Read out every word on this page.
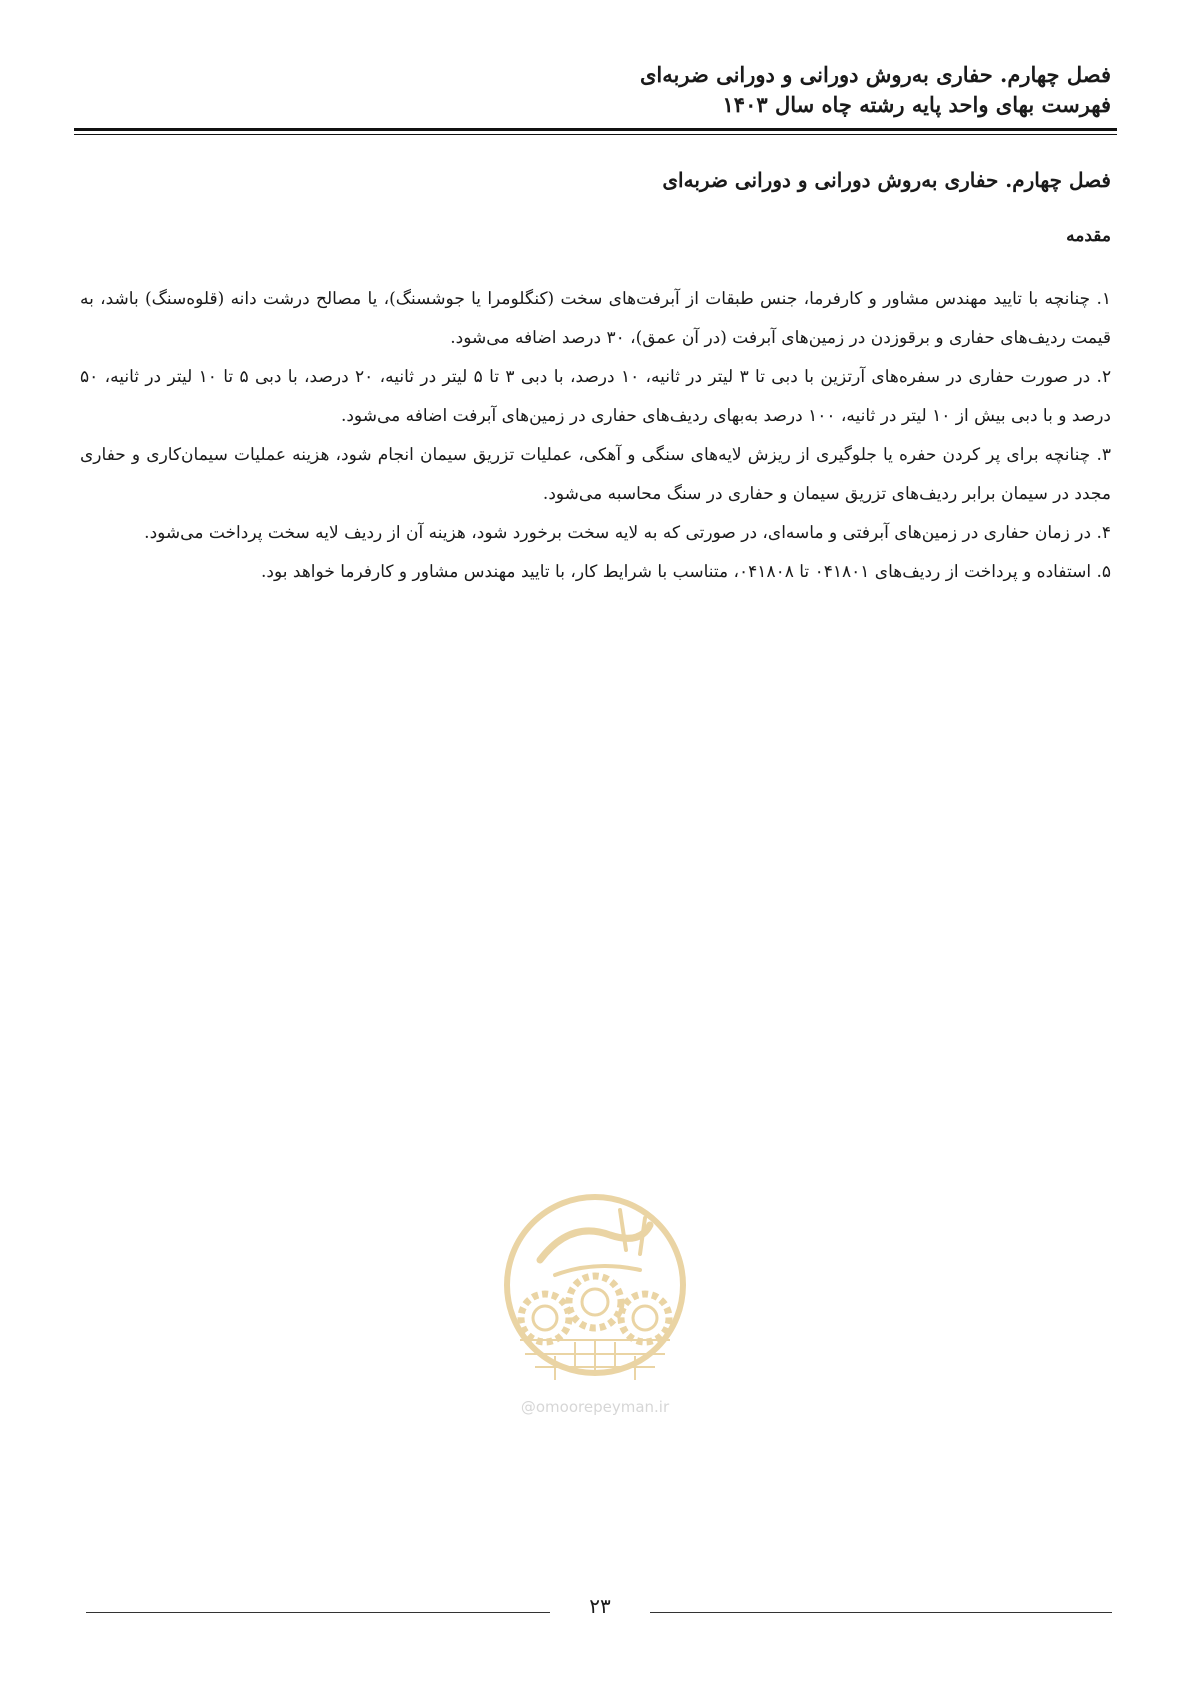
فصل چهارم. حفاری به‌روش دورانی و دورانی ضربه‌ای
فهرست بهای واحد پایه رشته چاه سال ۱۴۰۳
فصل چهارم. حفاری به‌روش دورانی و دورانی ضربه‌ای
مقدمه

۱. چنانچه با تایید مهندس مشاور و کارفرما، جنس طبقات از آبرفت‌های سخت (کنگلومرا یا جوشسنگ)، یا مصالح درشت دانه (قلوه‌سنگ) باشد، به قیمت ردیف‌های حفاری و برقوزدن در زمین‌های آبرفت (در آن عمق)، ۳۰ درصد اضافه می‌شود.

۲. در صورت حفاری در سفره‌های آرتزین با دبی تا ۳ لیتر در ثانیه، ۱۰ درصد، با دبی ۳ تا ۵ لیتر در ثانیه، ۲۰ درصد، با دبی ۵ تا ۱۰ لیتر در ثانیه، ۵۰ درصد و با دبی بیش از ۱۰ لیتر در ثانیه، ۱۰۰ درصد به‌بهای ردیف‌های حفاری در زمین‌های آبرفت اضافه می‌شود.

۳. چنانچه برای پر کردن حفره یا جلوگیری از ریزش لایه‌های سنگی و آهکی، عملیات تزریق سیمان انجام شود، هزینه عملیات سیمان‌کاری و حفاری مجدد در سیمان برابر ردیف‌های تزریق سیمان و حفاری در سنگ محاسبه می‌شود.

۴. در زمان حفاری در زمین‌های آبرفتی و ماسه‌ای، در صورتی که به لایه سخت برخورد شود، هزینه آن از ردیف لایه سخت پرداخت می‌شود.

۵. استفاده و پرداخت از ردیف‌های ۰۴۱۸۰۱ تا ۰۴۱۸۰۸، متناسب با شرایط کار، با تایید مهندس مشاور و کارفرما خواهد بود.

@omoorepeyman.ir
۲۳
